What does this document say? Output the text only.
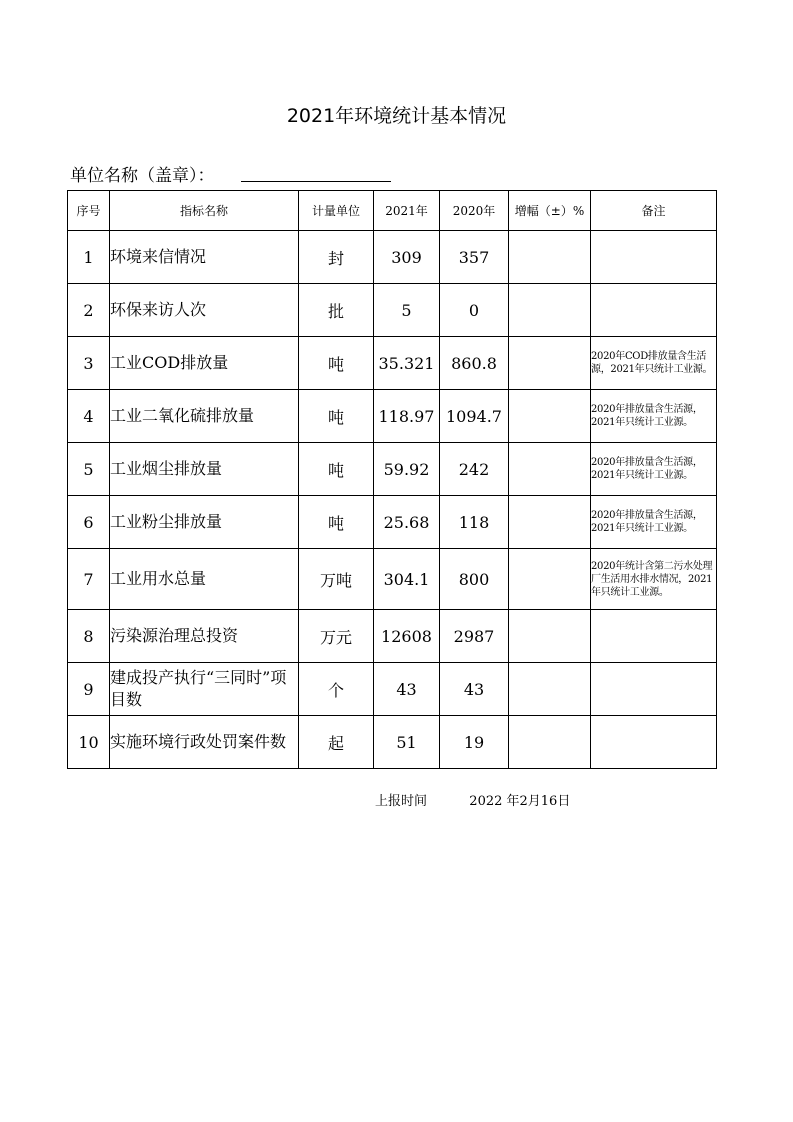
2021年环境统计基本情况
单位名称（盖章）：
序号	指标名称	计量单位	2021年	2020年	增幅（±）%	备注
1	环境来信情况	封	309	357		
2	环保来访人次	批	5	0		
3	工业COD排放量	吨	35.321	860.8		2020年COD排放量含生活源，2021年只统计工业源。
4	工业二氧化硫排放量	吨	118.97	1094.7		2020年排放量含生活源，2021年只统计工业源。
5	工业烟尘排放量	吨	59.92	242		2020年排放量含生活源，2021年只统计工业源。
6	工业粉尘排放量	吨	25.68	118		2020年排放量含生活源，2021年只统计工业源。
7	工业用水总量	万吨	304.1	800		2020年统计含第二污水处理厂生活用水排水情况，2021年只统计工业源。
8	污染源治理总投资	万元	12608	2987		
9	建成投产执行“三同时”项目数	个	43	43		
10	实施环境行政处罚案件数	起	51	19		
上报时间	2022 年2月16日
